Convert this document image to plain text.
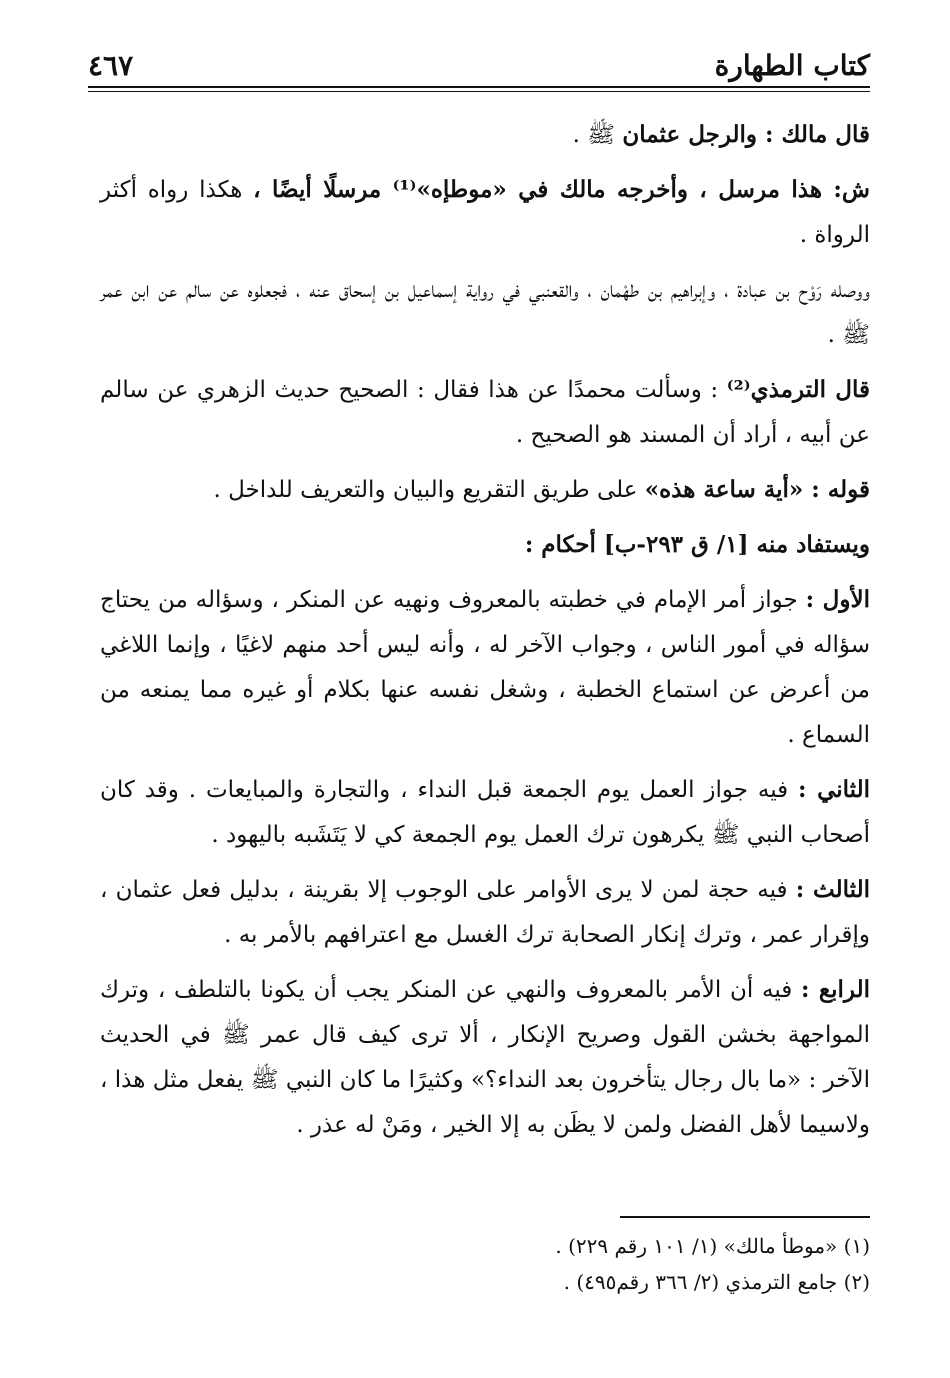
كتاب الطهارة
٤٦٧

قال مالك : والرجل عثمان ﷺ .

ش: هذا مرسل ، وأخرجه مالك في «موطإه»⁽¹⁾ مرسلًا أيضًا ، هكذا رواه أكثر الرواة .

ووصله رَوْح بن عبادة ، وإبراهيم بن طهْمان ، والقعنبي في رواية إسماعيل بن إسحاق عنه ، فجعلوه عن سالم عن ابن عمر ﷺ .

قال الترمذي⁽²⁾ : وسألت محمدًا عن هذا فقال : الصحيح حديث الزهري عن سالم عن أبيه ، أراد أن المسند هو الصحيح .

قوله : «أية ساعة هذه» على طريق التقريع والبيان والتعريف للداخل .

ويستفاد منه [١/ ق ٢٩٣-ب] أحكام :

الأول : جواز أمر الإمام في خطبته بالمعروف ونهيه عن المنكر ، وسؤاله من يحتاج سؤاله في أمور الناس ، وجواب الآخر له ، وأنه ليس أحد منهم لاغيًا ، وإنما اللاغي من أعرض عن استماع الخطبة ، وشغل نفسه عنها بكلام أو غيره مما يمنعه من السماع .

الثاني : فيه جواز العمل يوم الجمعة قبل النداء ، والتجارة والمبايعات . وقد كان أصحاب النبي ﷺ يكرهون ترك العمل يوم الجمعة كي لا يَتَشَبه باليهود .

الثالث : فيه حجة لمن لا يرى الأوامر على الوجوب إلا بقرينة ، بدليل فعل عثمان ، وإقرار عمر ، وترك إنكار الصحابة ترك الغسل مع اعترافهم بالأمر به .

الرابع : فيه أن الأمر بالمعروف والنهي عن المنكر يجب أن يكونا بالتلطف ، وترك المواجهة بخشن القول وصريح الإنكار ، ألا ترى كيف قال عمر ﷺ في الحديث الآخر : «ما بال رجال يتأخرون بعد النداء؟» وكثيرًا ما كان النبي ﷺ يفعل مثل هذا ، ولاسيما لأهل الفضل ولمن لا يظَن به إلا الخير ، ومَنْ له عذر .

(١) «موطأ مالك» (١/ ١٠١ رقم ٢٢٩) .

(٢) جامع الترمذي (٢/ ٣٦٦ رقم٤٩٥) .
